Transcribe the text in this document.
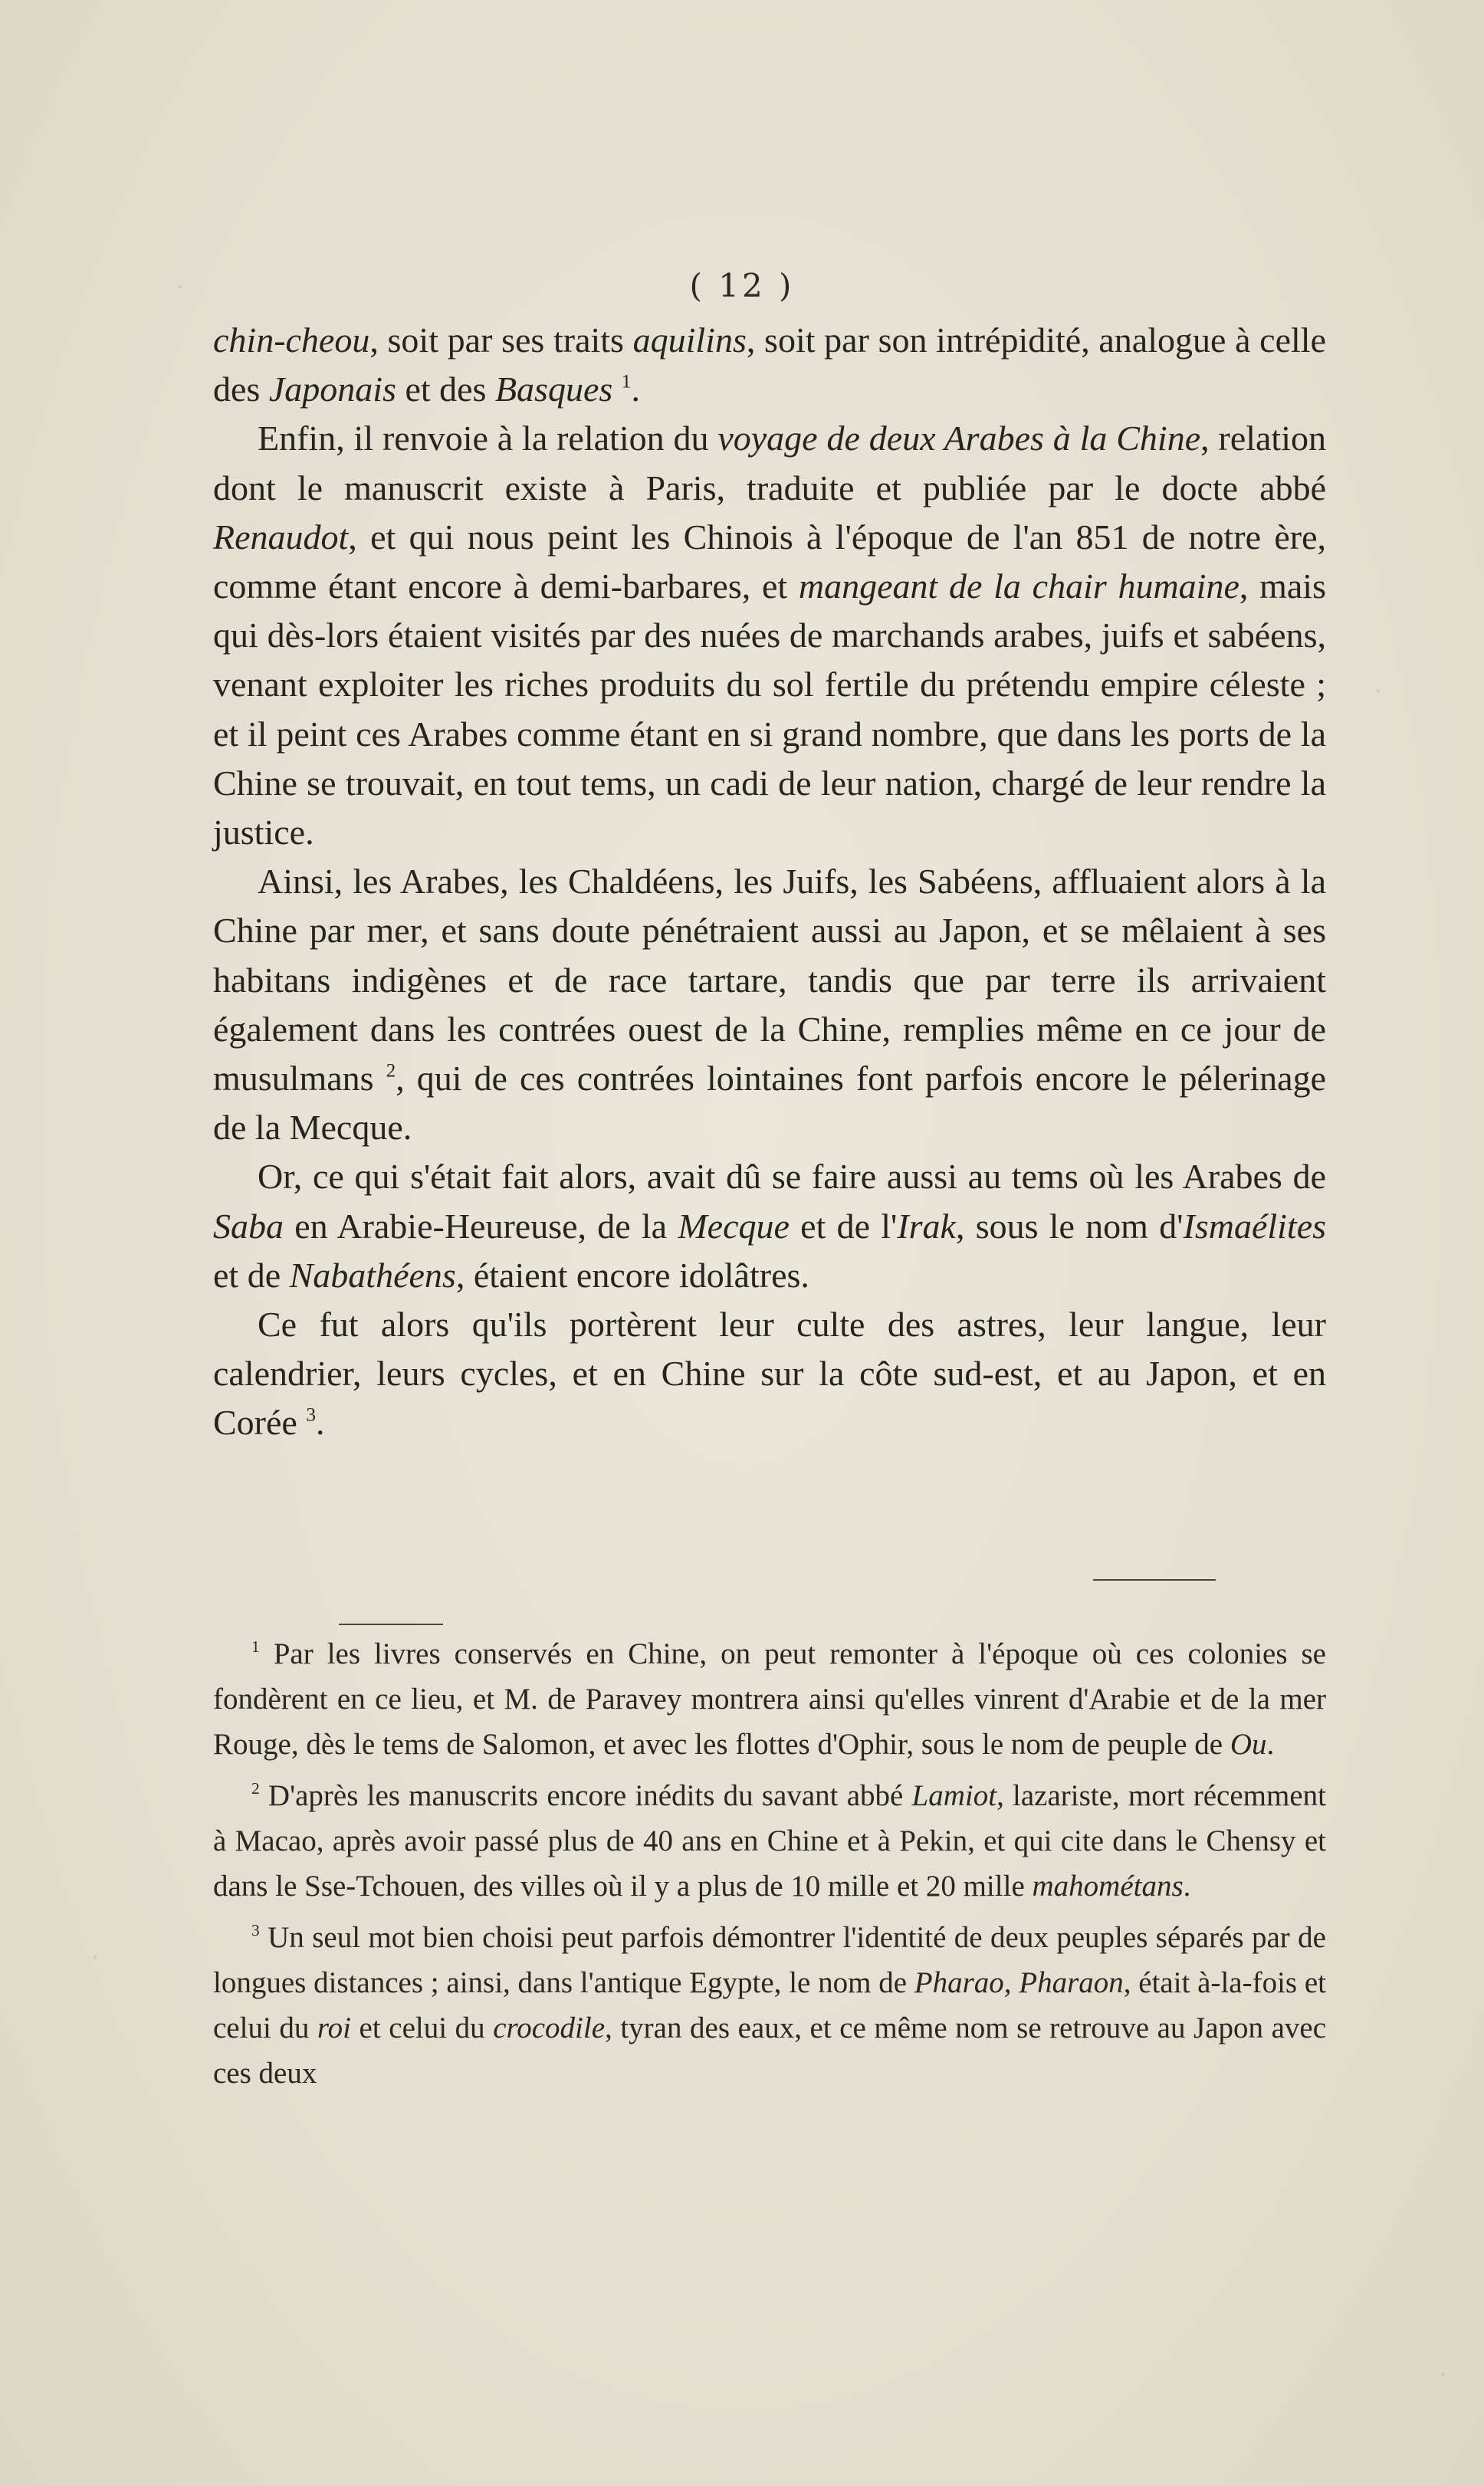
( 12 )

chin-cheou, soit par ses traits aquilins, soit par son intrépidité, analogue à celle des Japonais et des Basques $^1$.

Enfin, il renvoie à la relation du voyage de deux Arabes à la Chine, relation dont le manuscrit existe à Paris, traduite et publiée par le docte abbé Renaudot, et qui nous peint les Chinois à l'époque de l'an 851 de notre ère, comme étant encore à demi-barbares, et mangeant de la chair humaine, mais qui dès-lors étaient visités par des nuées de marchands arabes, juifs et sabéens, venant exploiter les riches produits du sol fertile du prétendu empire céleste ; et il peint ces Arabes comme étant en si grand nombre, que dans les ports de la Chine se trouvait, en tout tems, un cadi de leur nation, chargé de leur rendre la justice.

Ainsi, les Arabes, les Chaldéens, les Juifs, les Sabéens, affluaient alors à la Chine par mer, et sans doute pénétraient aussi au Japon, et se mêlaient à ses habitans indigènes et de race tartare, tandis que par terre ils arrivaient également dans les contrées ouest de la Chine, remplies même en ce jour de musulmans $^2$, qui de ces contrées lointaines font parfois encore le pélerinage de la Mecque.

Or, ce qui s'était fait alors, avait dû se faire aussi au tems où les Arabes de Saba en Arabie-Heureuse, de la Mecque et de l'Irak, sous le nom d'Ismaélites et de Nabathéens, étaient encore idolâtres.

Ce fut alors qu'ils portèrent leur culte des astres, leur langue, leur calendrier, leurs cycles, et en Chine sur la côte sud-est, et au Japon, et en Corée $^3$.

$^1$ Par les livres conservés en Chine, on peut remonter à l'époque où ces colonies se fondèrent en ce lieu, et M. de Paravey montrera ainsi qu'elles vinrent d'Arabie et de la mer Rouge, dès le tems de Salomon, et avec les flottes d'Ophir, sous le nom de peuple de Ou.

$^2$ D'après les manuscrits encore inédits du savant abbé Lamiot, lazariste, mort récemment à Macao, après avoir passé plus de 40 ans en Chine et à Pekin, et qui cite dans le Chensy et dans le Sse-Tchouen, des villes où il y a plus de 10 mille et 20 mille mahométans.

$^3$ Un seul mot bien choisi peut parfois démontrer l'identité de deux peuples séparés par de longues distances ; ainsi, dans l'antique Egypte, le nom de Pharao, Pharaon, était à-la-fois et celui du roi et celui du crocodile, tyran des eaux, et ce même nom se retrouve au Japon avec ces deux
